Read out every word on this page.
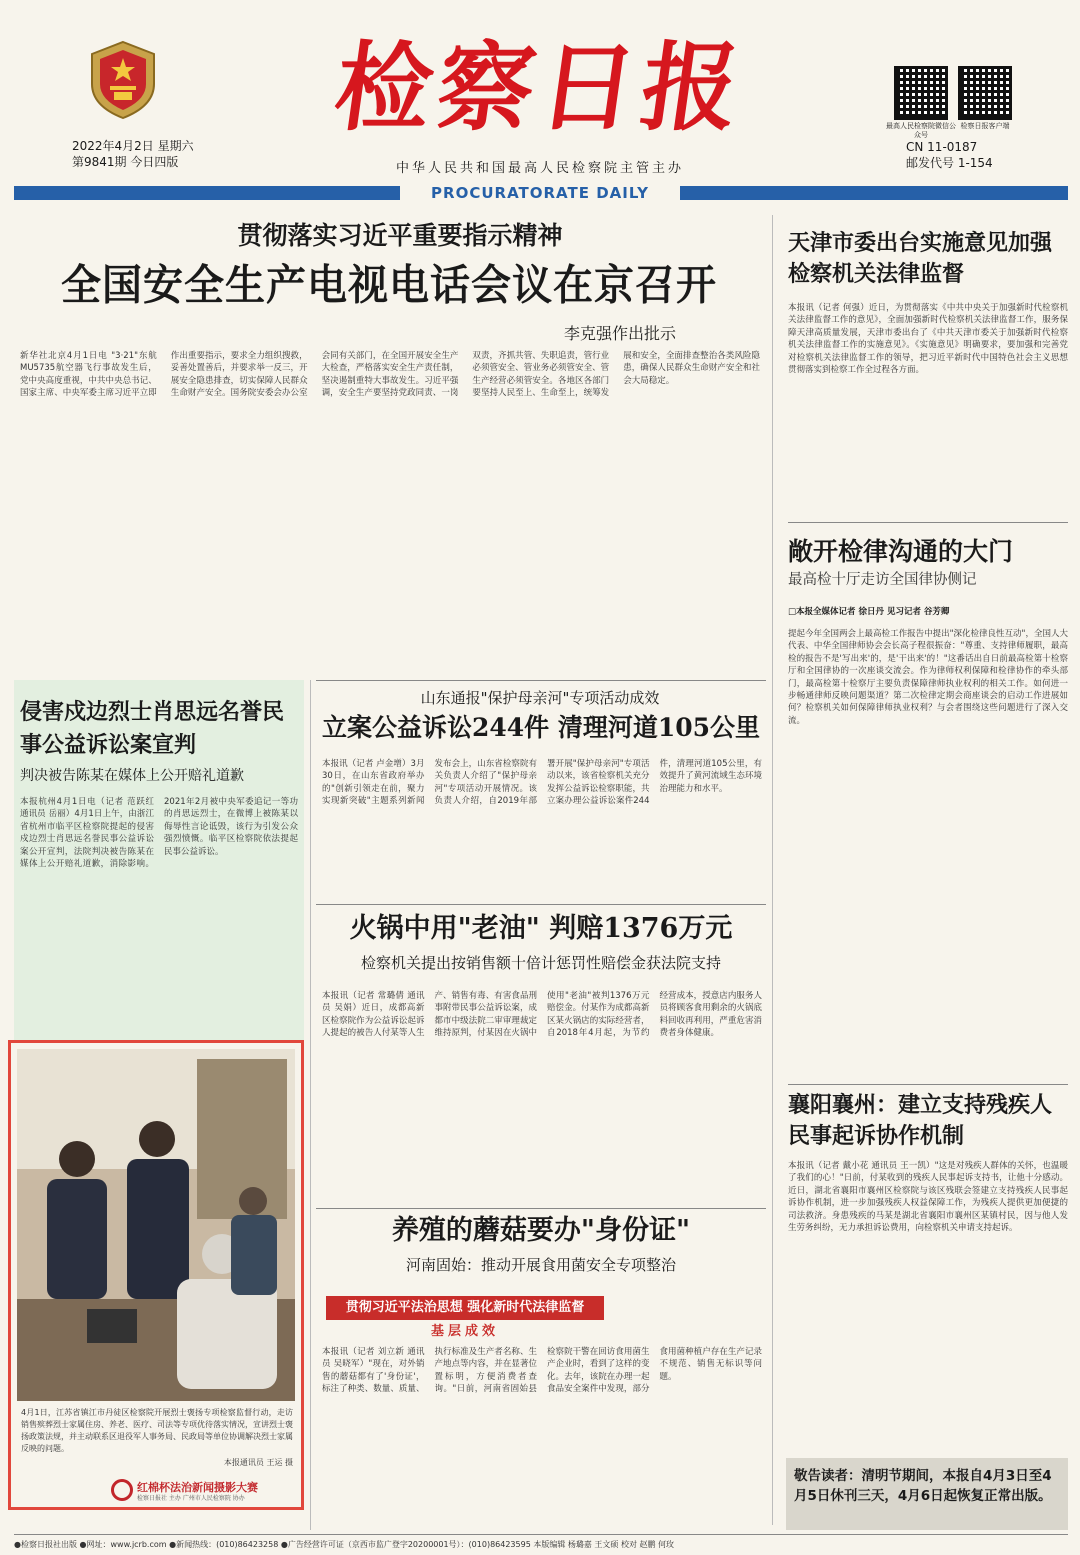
2022年4月2日 星期六
第9841期 今日四版
检察日报
中华人民共和国最高人民检察院主管主办
最高人民检察院微信公众号
检察日报客户端
CN 11-0187
邮发代号 1-154
PROCURATORATE DAILY
贯彻落实习近平重要指示精神
全国安全生产电视电话会议在京召开
李克强作出批示
新华社北京4月1日电 "3·21"东航MU5735航空器飞行事故发生后，党中央高度重视，中共中央总书记、国家主席、中央军委主席习近平立即作出重要指示，要求全力组织搜救，妥善处置善后，并要求举一反三，开展安全隐患排查，切实保障人民群众生命财产安全。国务院安委会办公室会同有关部门，在全国开展安全生产大检查，严格落实安全生产责任制，坚决遏制重特大事故发生。习近平强调，安全生产要坚持党政同责、一岗双责，齐抓共管、失职追责，管行业必须管安全、管业务必须管安全、管生产经营必须管安全。各地区各部门要坚持人民至上、生命至上，统筹发展和安全，全面排查整治各类风险隐患，确保人民群众生命财产安全和社会大局稳定。
天津市委出台实施意见加强检察机关法律监督
本报讯（记者 何强）近日，为贯彻落实《中共中央关于加强新时代检察机关法律监督工作的意见》，全面加强新时代检察机关法律监督工作，服务保障天津高质量发展，天津市委出台了《中共天津市委关于加强新时代检察机关法律监督工作的实施意见》。《实施意见》明确要求，要加强和完善党对检察机关法律监督工作的领导，把习近平新时代中国特色社会主义思想贯彻落实到检察工作全过程各方面。
敞开检律沟通的大门
最高检十厅走访全国律协侧记
□本报全媒体记者 徐日丹 见习记者 谷芳卿
提起今年全国两会上最高检工作报告中提出"深化检律良性互动"，全国人大代表、中华全国律师协会会长高子程很振奋："尊重、支持律师履职，最高检的报告不是'写出来'的，是'干出来'的！"这番话出自日前最高检第十检察厅和全国律协的一次座谈交流会。作为律师权利保障和检律协作的牵头部门，最高检第十检察厅主要负责保障律师执业权利的相关工作。如何进一步畅通律师反映问题渠道？第二次检律定期会商座谈会的启动工作进展如何？检察机关如何保障律师执业权利？与会者围绕这些问题进行了深入交流。
襄阳襄州：建立支持残疾人民事起诉协作机制
本报讯（记者 戴小花 通讯员 王一凯）"这是对残疾人群体的关怀，也温暖了我们的心！"日前，付某收到的残疾人民事起诉支持书，让他十分感动。近日，湖北省襄阳市襄州区检察院与该区残联会签建立支持残疾人民事起诉协作机制，进一步加强残疾人权益保障工作，为残疾人提供更加便捷的司法救济。身患残疾的马某是湖北省襄阳市襄州区某镇村民，因与他人发生劳务纠纷，无力承担诉讼费用，向检察机关申请支持起诉。
敬告读者：清明节期间，本报自4月3日至4月5日休刊三天，4月6日起恢复正常出版。
侵害戍边烈士肖思远名誉民事公益诉讼案宣判
判决被告陈某在媒体上公开赔礼道歉
本报杭州4月1日电（记者 范跃红 通讯员 岳丽）4月1日上午，由浙江省杭州市临平区检察院提起的侵害戍边烈士肖思远名誉民事公益诉讼案公开宣判，法院判决被告陈某在媒体上公开赔礼道歉，消除影响。2021年2月被中央军委追记一等功的肖思远烈士，在微博上被陈某以侮辱性言论诋毁，该行为引发公众强烈愤慨。临平区检察院依法提起民事公益诉讼。
4月1日，江苏省镇江市丹徒区检察院开展烈士褒扬专项检察监督行动，走访销售殡葬烈士家属住房、养老、医疗、司法等专项优待落实情况，宣讲烈士褒扬政策法规，并主动联系区退役军人事务局、民政局等单位协调解决烈士家属反映的问题。
本报通讯员 王运 摄
红棉杯法治新闻摄影大赛
检察日报社 主办 广州市人民检察院 协办
山东通报"保护母亲河"专项活动成效
立案公益诉讼244件 清理河道105公里
本报讯（记者 卢金增）3月30日，在山东省政府举办的"创新引领走在前，聚力实现新突破"主题系列新闻发布会上，山东省检察院有关负责人介绍了"保护母亲河"专项活动开展情况。该负责人介绍，自2019年部署开展"保护母亲河"专项活动以来，该省检察机关充分发挥公益诉讼检察职能，共立案办理公益诉讼案件244件，清理河道105公里，有效提升了黄河流域生态环境治理能力和水平。
火锅中用"老油" 判赔1376万元
检察机关提出按销售额十倍计惩罚性赔偿金获法院支持
本报讯（记者 常璐倩 通讯员 吴娟）近日，成都高新区检察院作为公益诉讼起诉人提起的被告人付某等人生产、销售有毒、有害食品刑事附带民事公益诉讼案，成都市中级法院二审审理裁定维持原判，付某因在火锅中使用"老油"被判1376万元赔偿金。付某作为成都高新区某火锅店的实际经营者，自2018年4月起，为节约经营成本，授意店内服务人员将顾客食用剩余的火锅底料回收再利用，严重危害消费者身体健康。
养殖的蘑菇要办"身份证"
河南固始：推动开展食用菌安全专项整治
贯彻习近平法治思想 强化新时代法律监督
基层成效
本报讯（记者 刘立新 通讯员 吴晓军）"现在，对外销售的蘑菇都有了'身份证'，标注了种类、数量、质量、执行标准及生产者名称、生产地点等内容，并在显著位置标明，方便消费者查询。"日前，河南省固始县检察院干警在回访食用菌生产企业时，看到了这样的变化。去年，该院在办理一起食品安全案件中发现，部分食用菌种植户存在生产记录不规范、销售无标识等问题。
●检察日报社出版 ●网址：www.jcrb.com ●新闻热线：(010)86423258 ●广告经营许可证（京西市监广登字20200001号）：(010)86423595 本版编辑 杨璐嘉 王文硕 校对 赵鹏 何玫
